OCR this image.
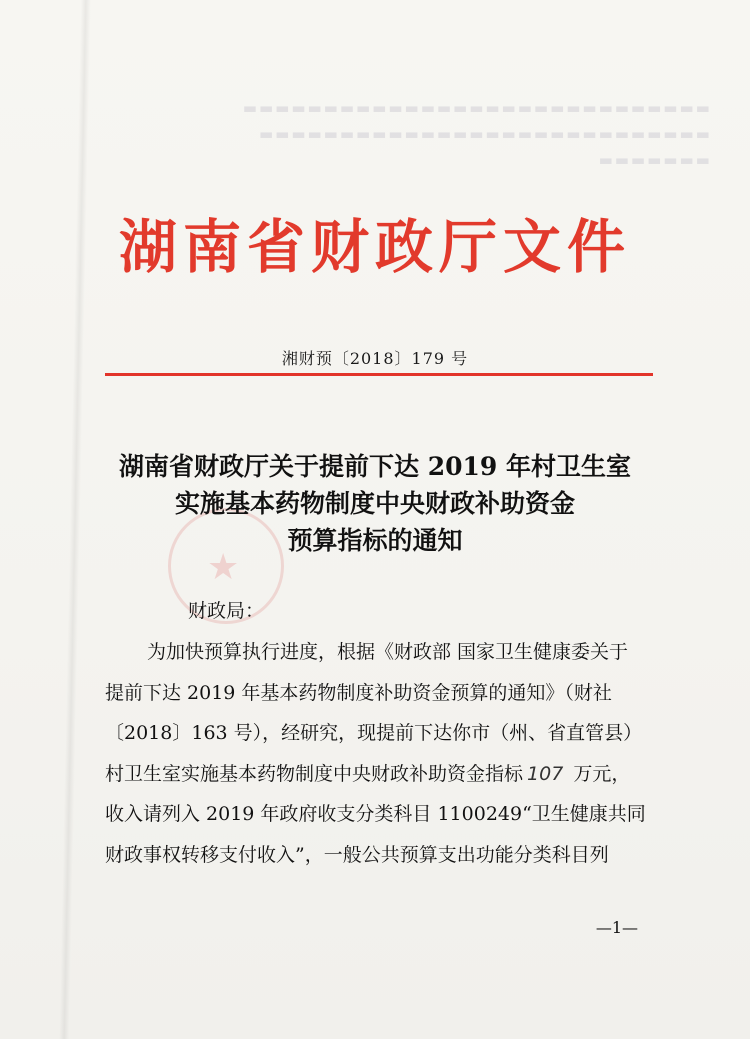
▬▬▬▬▬▬▬▬▬▬▬▬▬▬▬▬▬▬▬▬▬▬▬▬▬▬▬▬▬
▬▬▬▬▬▬▬▬▬▬▬▬▬▬▬▬▬▬▬▬▬▬▬▬▬▬▬▬
▬▬▬▬▬▬▬
★
湖南省财政厅文件
湘财预〔2018〕179 号
湖南省财政厅关于提前下达 2019 年村卫生室
实施基本药物制度中央财政补助资金
预算指标的通知
财政局：
为加快预算执行进度，根据《财政部 国家卫生健康委关于
提前下达 2019 年基本药物制度补助资金预算的通知》（财社
〔2018〕163 号），经研究，现提前下达你市（州、省直管县）
村卫生室实施基本药物制度中央财政补助资金指标 107 万元，
收入请列入 2019 年政府收支分类科目 1100249“卫生健康共同
财政事权转移支付收入”，一般公共预算支出功能分类科目列
—1—
